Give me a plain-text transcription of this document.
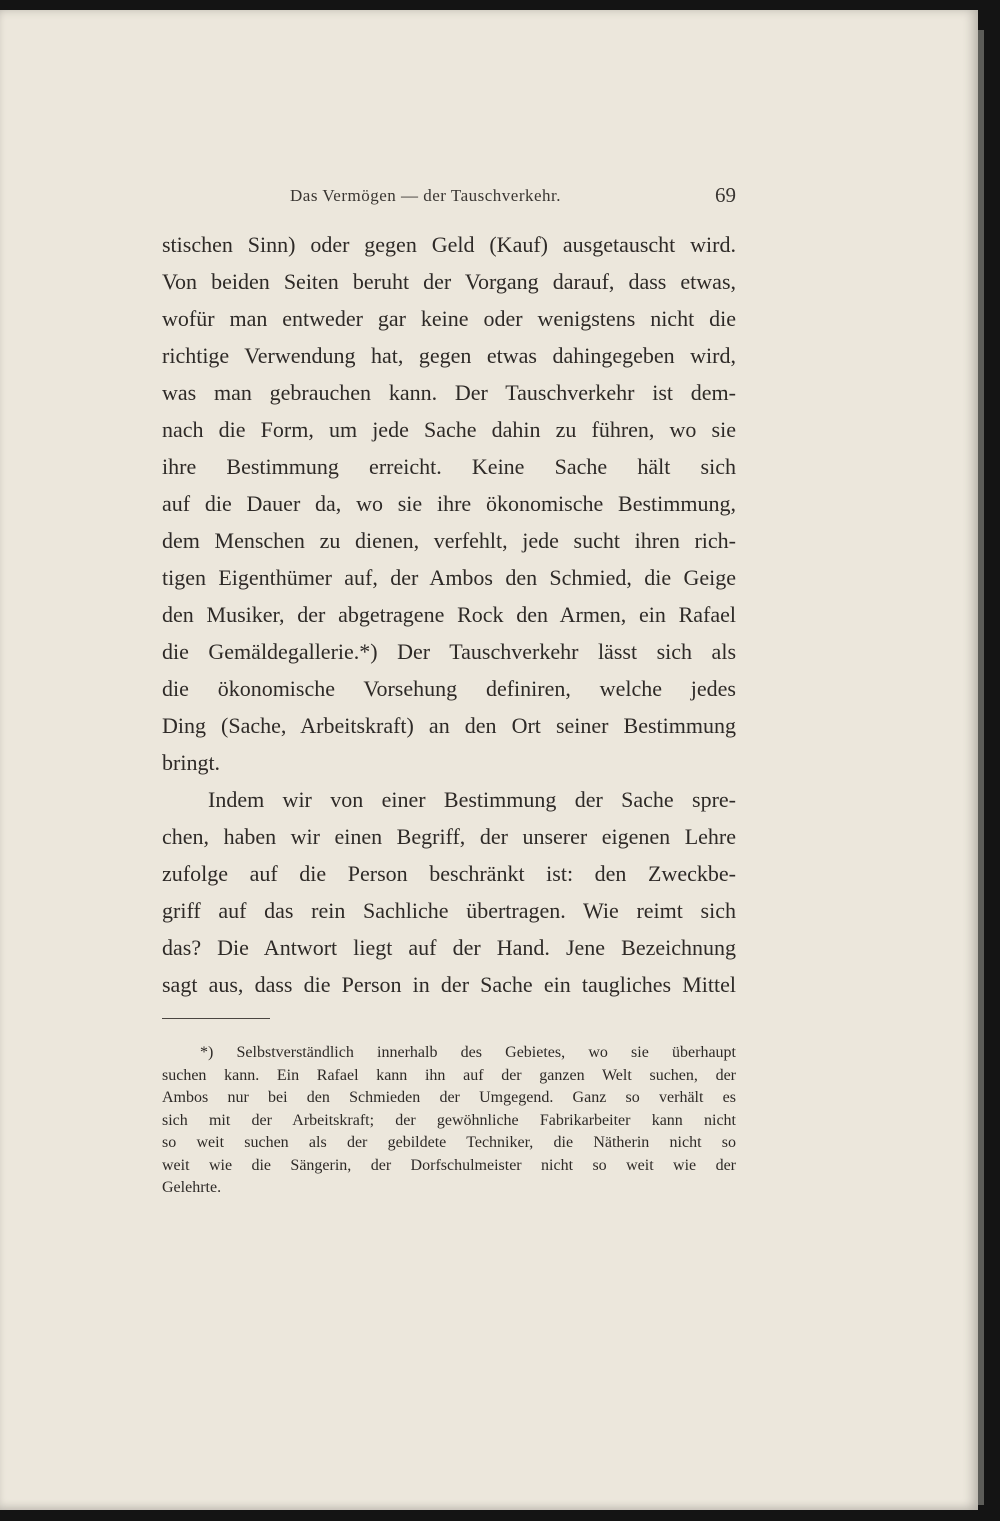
Das Vermögen — der Tauschverkehr.	69
stischen Sinn) oder gegen Geld (Kauf) ausgetauscht wird.
Von beiden Seiten beruht der Vorgang darauf, dass etwas,
wofür man entweder gar keine oder wenigstens nicht die
richtige Verwendung hat, gegen etwas dahingegeben wird,
was man gebrauchen kann. Der Tauschverkehr ist dem-
nach die Form, um jede Sache dahin zu führen, wo sie
ihre Bestimmung erreicht. Keine Sache hält sich
auf die Dauer da, wo sie ihre ökonomische Bestimmung,
dem Menschen zu dienen, verfehlt, jede sucht ihren rich-
tigen Eigenthümer auf, der Ambos den Schmied, die Geige
den Musiker, der abgetragene Rock den Armen, ein Rafael
die Gemäldegallerie.*) Der Tauschverkehr lässt sich als
die ökonomische Vorsehung definiren, welche jedes
Ding (Sache, Arbeitskraft) an den Ort seiner Bestimmung
bringt.
Indem wir von einer Bestimmung der Sache spre-
chen, haben wir einen Begriff, der unserer eigenen Lehre
zufolge auf die Person beschränkt ist: den Zweckbe-
griff auf das rein Sachliche übertragen. Wie reimt sich
das? Die Antwort liegt auf der Hand. Jene Bezeichnung
sagt aus, dass die Person in der Sache ein taugliches Mittel
*) Selbstverständlich innerhalb des Gebietes, wo sie überhaupt
suchen kann. Ein Rafael kann ihn auf der ganzen Welt suchen, der
Ambos nur bei den Schmieden der Umgegend. Ganz so verhält es
sich mit der Arbeitskraft; der gewöhnliche Fabrikarbeiter kann nicht
so weit suchen als der gebildete Techniker, die Nätherin nicht so
weit wie die Sängerin, der Dorfschulmeister nicht so weit wie der
Gelehrte.
